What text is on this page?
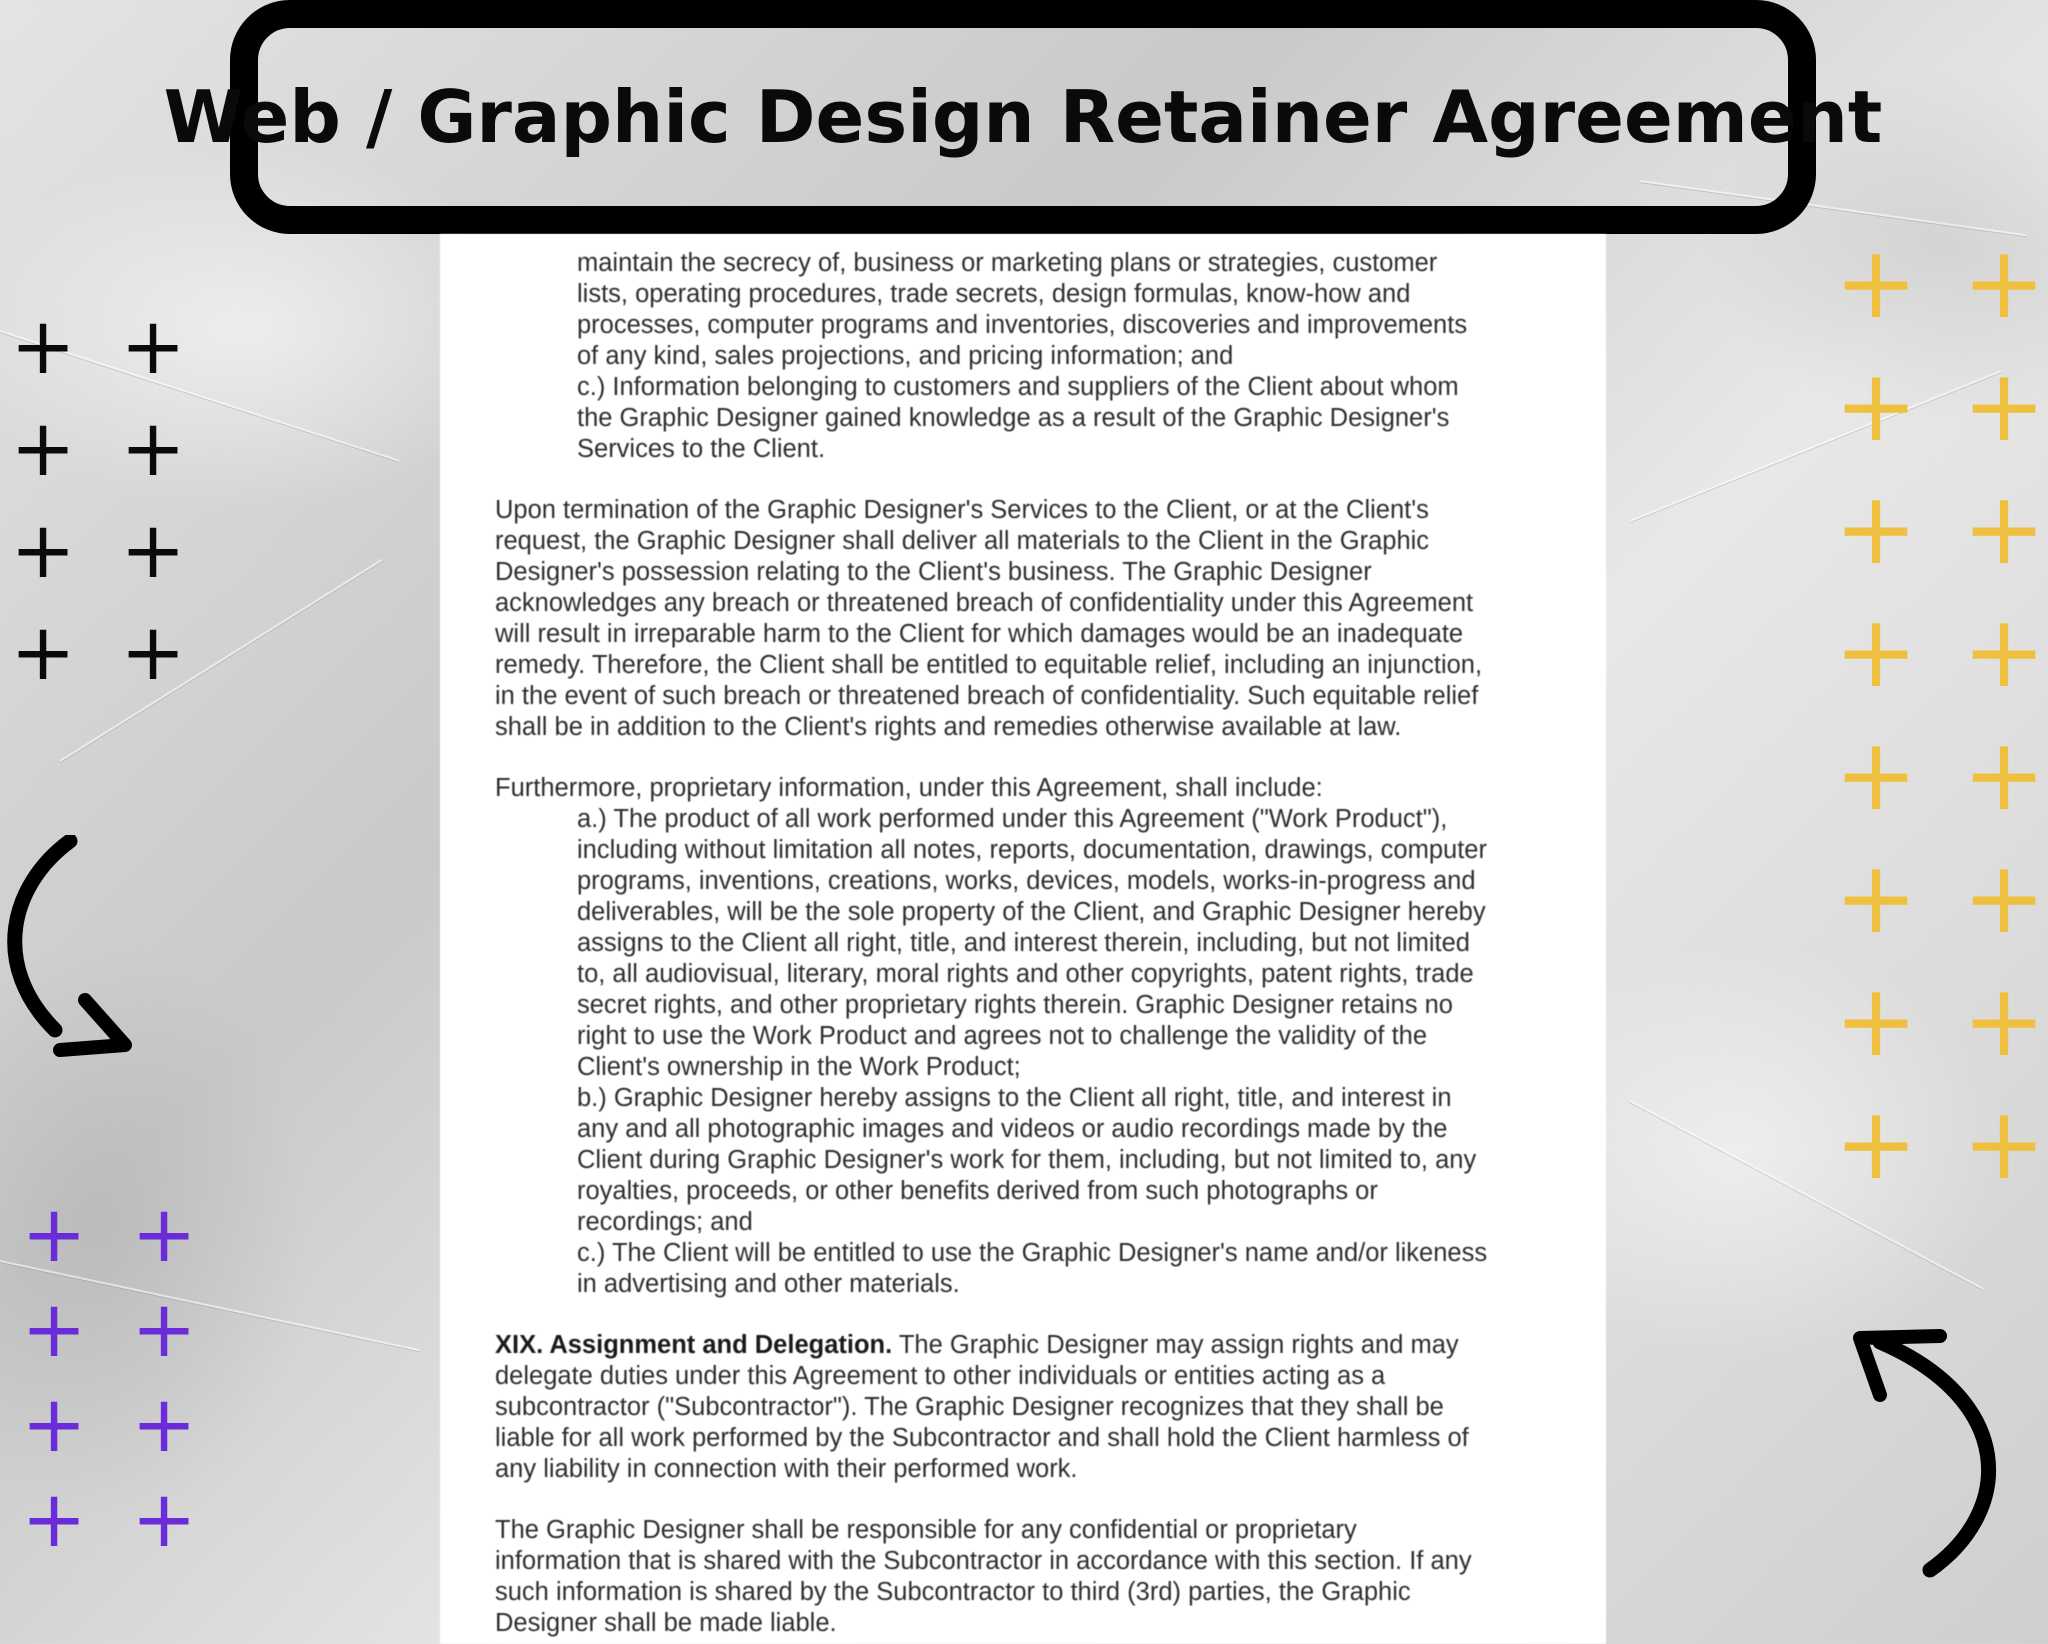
Web / Graphic Design Retainer Agreement

maintain the secrecy of, business or marketing plans or strategies, customer

lists, operating procedures, trade secrets, design formulas, know-how and

processes, computer programs and inventories, discoveries and improvements

of any kind, sales projections, and pricing information; and

c.) Information belonging to customers and suppliers of the Client about whom

the Graphic Designer gained knowledge as a result of the Graphic Designer's

Services to the Client.

Upon termination of the Graphic Designer's Services to the Client, or at the Client's
request, the Graphic Designer shall deliver all materials to the Client in the Graphic
Designer's possession relating to the Client's business. The Graphic Designer
acknowledges any breach or threatened breach of confidentiality under this Agreement
will result in irreparable harm to the Client for which damages would be an inadequate
remedy. Therefore, the Client shall be entitled to equitable relief, including an injunction,
in the event of such breach or threatened breach of confidentiality. Such equitable relief
shall be in addition to the Client's rights and remedies otherwise available at law.
Furthermore, proprietary information, under this Agreement, shall include:

a.) The product of all work performed under this Agreement ("Work Product"),

including without limitation all notes, reports, documentation, drawings, computer

programs, inventions, creations, works, devices, models, works-in-progress and

deliverables, will be the sole property of the Client, and Graphic Designer hereby

assigns to the Client all right, title, and interest therein, including, but not limited

to, all audiovisual, literary, moral rights and other copyrights, patent rights, trade

secret rights, and other proprietary rights therein. Graphic Designer retains no

right to use the Work Product and agrees not to challenge the validity of the

Client's ownership in the Work Product;

b.) Graphic Designer hereby assigns to the Client all right, title, and interest in

any and all photographic images and videos or audio recordings made by the

Client during Graphic Designer's work for them, including, but not limited to, any

royalties, proceeds, or other benefits derived from such photographs or

recordings; and

c.) The Client will be entitled to use the Graphic Designer's name and/or likeness

in advertising and other materials.

XIX. Assignment and Delegation. The Graphic Designer may assign rights and may
delegate duties under this Agreement to other individuals or entities acting as a
subcontractor ("Subcontractor"). The Graphic Designer recognizes that they shall be
liable for all work performed by the Subcontractor and shall hold the Client harmless of
any liability in connection with their performed work.
The Graphic Designer shall be responsible for any confidential or proprietary
information that is shared with the Subcontractor in accordance with this section. If any
such information is shared by the Subcontractor to third (3rd) parties, the Graphic
Designer shall be made liable.
+ +
+ +
+ +
+ +
+ +
+ +
+ +
+ +
+ +
+ +
+ +
+ +
+ +
+ +
+ +
+ +
